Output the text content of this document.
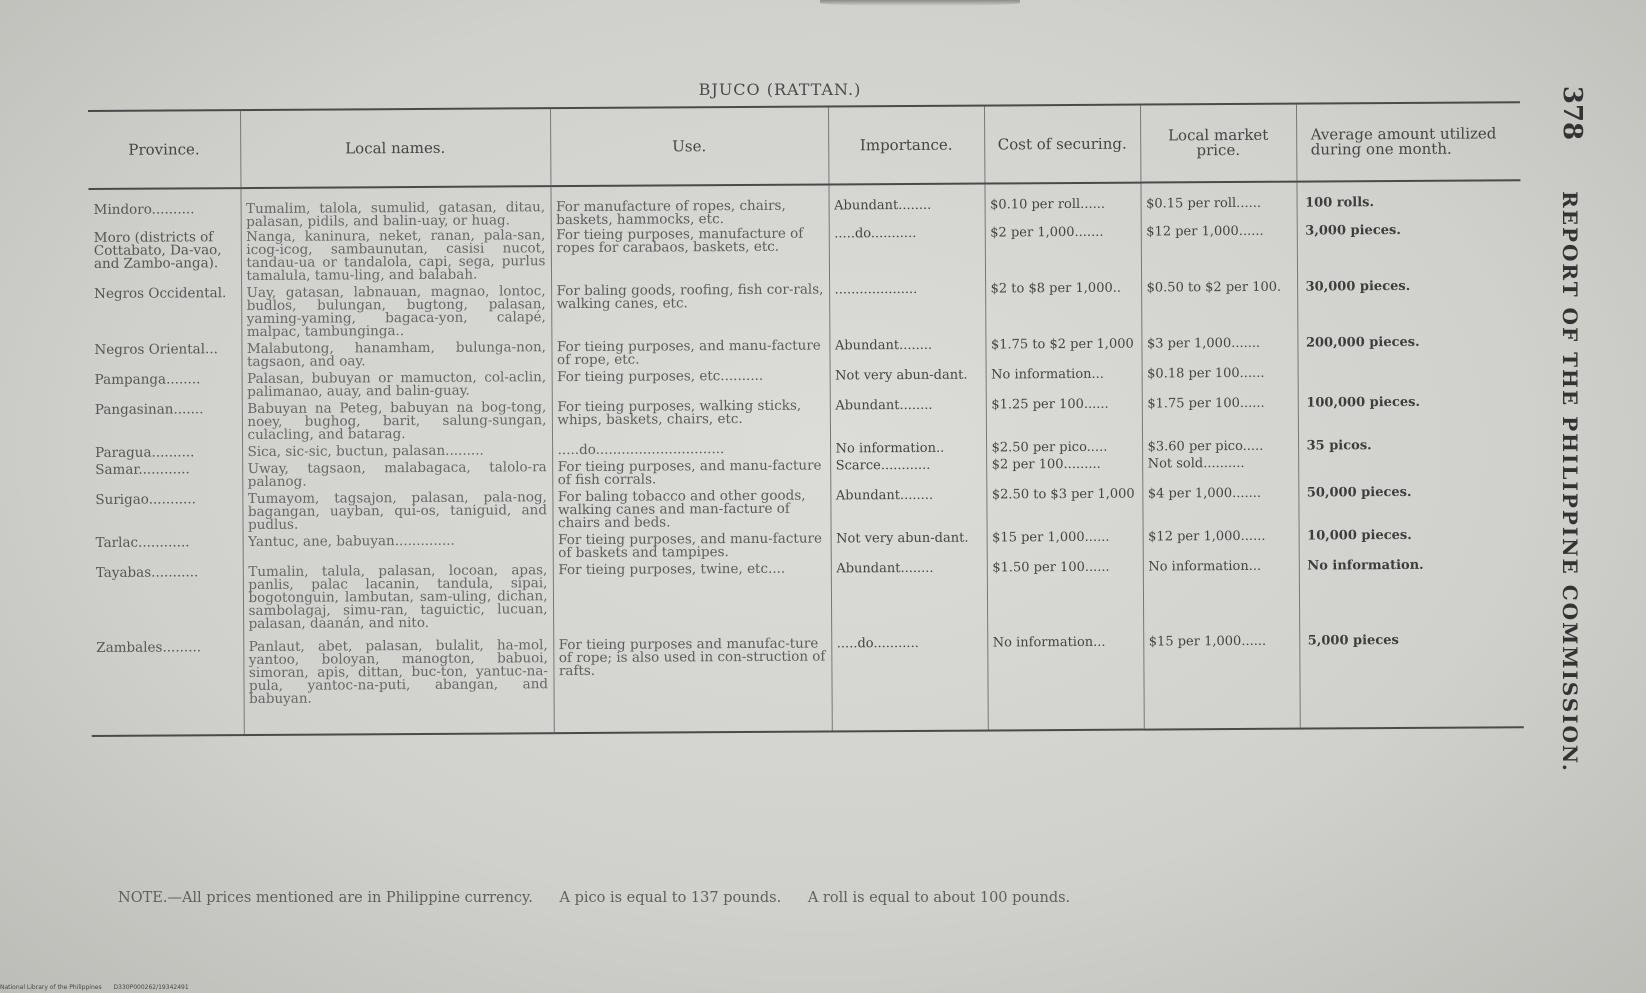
BJUCO (RATTAN.)	378
REPORT OF THE PHILIPPINE COMMISSION.
Province.	Local names.	Use.	Importance.	Cost of securing.	Local market price.	Average amount utilized during one month.
Mindoro..........	Tumalim, talola, sumulid, gatasan, ditau, palasan, pidils, and balin-uay, or huag.	For manufacture of ropes, chairs, baskets, hammocks, etc.	Abundant........	$0.10 per roll......	$0.15 per roll......	100 rolls.
Moro (districts of Cottabato, Da-vao, and Zambo-anga).	Nanga, kaninura, neket, ranan, pala-san, icog-icog, sambaunutan, casisi nucot, tandau-ua or tandalola, capi, sega, purlus tamalula, tamu-ling, and balabah.	For tieing purposes, manufacture of ropes for carabaos, baskets, etc.	.....do...........	$2 per 1,000.......	$12 per 1,000......	3,000 pieces.
Negros Occidental.	Uay, gatasan, labnauan, magnao, lontoc, budlos, bulungan, bugtong, palasan, yaming-yaming, bagaca-yon, calapé, malpac, tambunginga..	For baling goods, roofing, fish cor-rals, walking canes, etc.	....................	$2 to $8 per 1,000..	$0.50 to $2 per 100.	30,000 pieces.
Negros Oriental...	Malabutong, hanamham, bulunga-non, tagsaon, and oay.	For tieing purposes, and manu-facture of rope, etc.	Abundant........	$1.75 to $2 per 1,000	$3 per 1,000.......	200,000 pieces.
Pampanga........	Palasan, bubuyan or mamucton, col-aclin, palimanao, auay, and balin-guay.	For tieing purposes, etc..........	Not very abun-dant.	No information...	$0.18 per 100......	
Pangasinan.......	Babuyan na Peteg, babuyan na bog-tong, noey, bughog, barit, salung-sungan, culacling, and batarag.	For tieing purposes, walking sticks, whips, baskets, chairs, etc.	Abundant........	$1.25 per 100......	$1.75 per 100......	100,000 pieces.
Paragua..........	Sica, sic-sic, buctun, palasan.........	.....do..............................	No information..	$2.50 per pico.....	$3.60 per pico.....	35 picos.
Samar............	Uway, tagsaon, malabagaca, talolo-ra palanog.	For tieing purposes, and manu-facture of fish corrals.	Scarce............	$2 per 100.........	Not sold..........	
Surigao...........	Tumayom, tagsajon, palasan, pala-nog, bagangan, uayban, qui-os, taniguid, and pudlus.	For baling tobacco and other goods, walking canes and man-facture of chairs and beds.	Abundant........	$2.50 to $3 per 1,000	$4 per 1,000.......	50,000 pieces.
Tarlac............	Yantuc, ane, babuyan..............	For tieing purposes, and manu-facture of baskets and tampipes.	Not very abun-dant.	$15 per 1,000......	$12 per 1,000......	10,000 pieces.
Tayabas...........	Tumalin, talula, palasan, locoan, apas, panlis, palac lacanin, tandula, sipai, bogotonguin, lambutan, sam-uling, dichan, sambolagaj, simu-ran, taguictic, lucuan, palasan, daanán, and nito.	For tieing purposes, twine, etc....	Abundant........	$1.50 per 100......	No information...	No information.
Zambales.........	Panlaut, abet, palasan, bulalit, ha-mol, yantoo, boloyan, manogton, babuoi, simoran, apis, dittan, buc-ton, yantuc-na-pula, yantoc-na-puti, abangan, and babuyan.	For tieing purposes and manufac-ture of rope; is also used in con-struction of rafts.	.....do...........	No information...	$15 per 1,000......	5,000 pieces
NOTE.—All prices mentioned are in Philippine currency. A pico is equal to 137 pounds. A roll is equal to about 100 pounds.
National Library of the Philippines D330P000262/19342491
